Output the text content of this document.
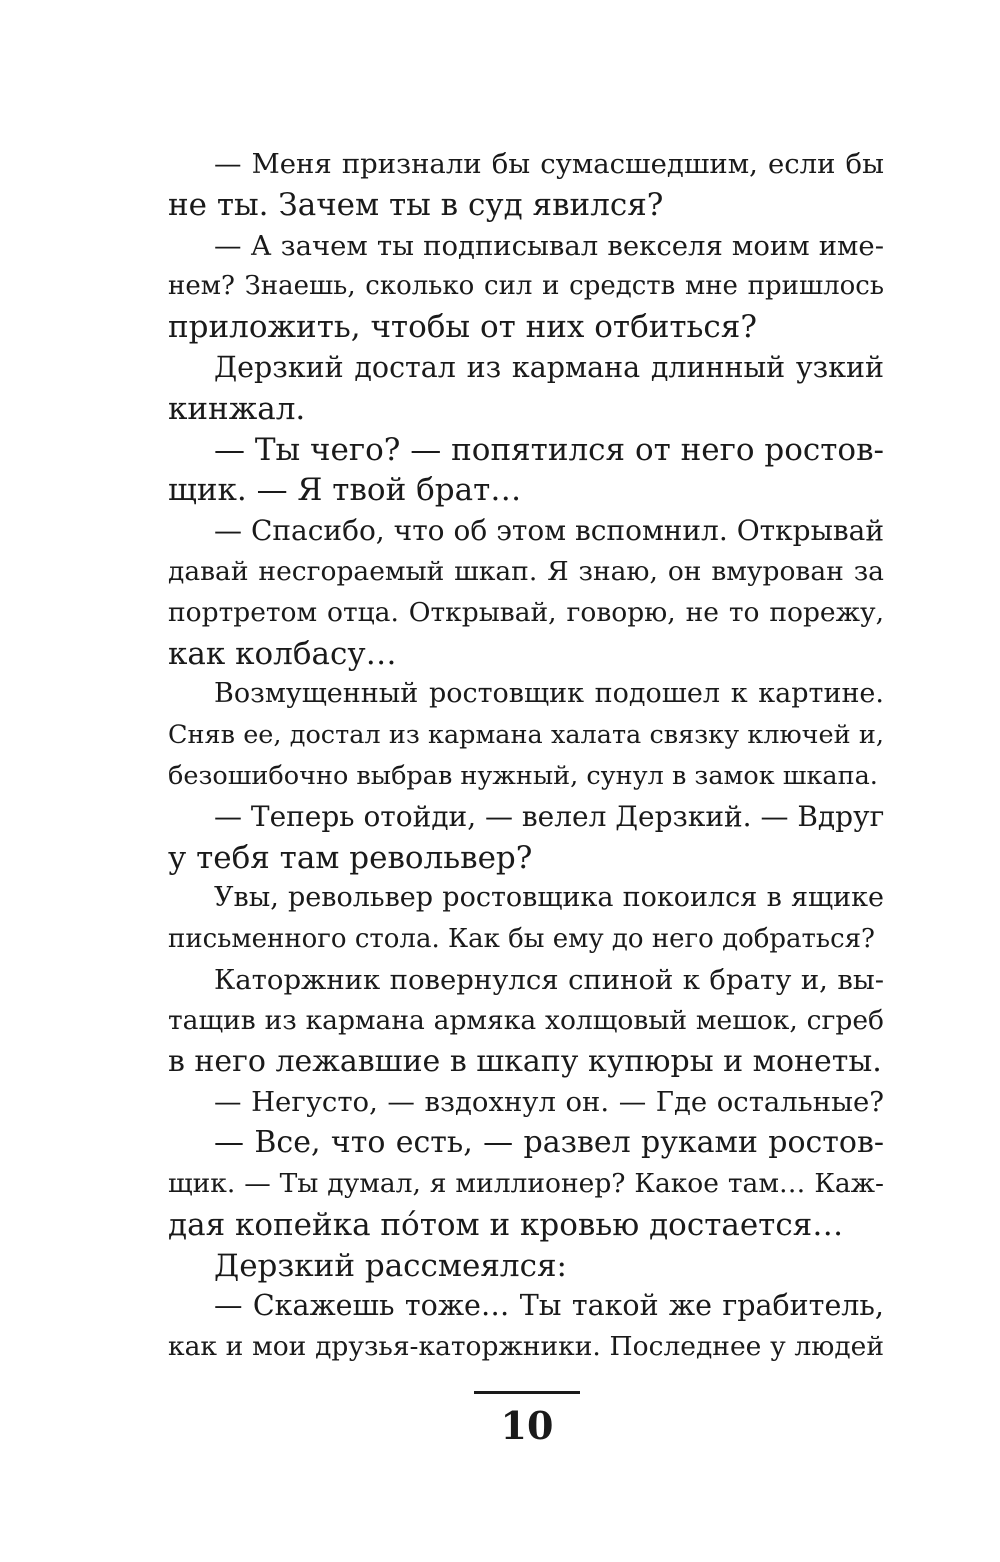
— Меня признали бы сумасшедшим, если бы
не ты. Зачем ты в суд явился?
— А зачем ты подписывал векселя моим име-
нем? Знаешь, сколько сил и средств мне пришлось
приложить, чтобы от них отбиться?
Дерзкий достал из кармана длинный узкий
кинжал.
— Ты чего? — попятился от него ростов-
щик. — Я твой брат…
— Спасибо, что об этом вспомнил. Открывай
давай несгораемый шкап. Я знаю, он вмурован за
портретом отца. Открывай, говорю, не то порежу,
как колбасу…
Возмущенный ростовщик подошел к картине.
Сняв ее, достал из кармана халата связку ключей и,
безошибочно выбрав нужный, сунул в замок шкапа.
— Теперь отойди, — велел Дерзкий. — Вдруг
у тебя там револьвер?
Увы, револьвер ростовщика покоился в ящике
письменного стола. Как бы ему до него добраться?
Каторжник повернулся спиной к брату и, вы-
тащив из кармана армяка холщовый мешок, сгреб
в него лежавшие в шкапу купюры и монеты.
— Негусто, — вздохнул он. — Где остальные?
— Все, что есть, — развел руками ростов-
щик. — Ты думал, я миллионер? Какое там… Каж-
дая копейка по́том и кровью достается…
Дерзкий рассмеялся:
— Скажешь тоже… Ты такой же грабитель,
как и мои друзья-каторжники. Последнее у людей
10
